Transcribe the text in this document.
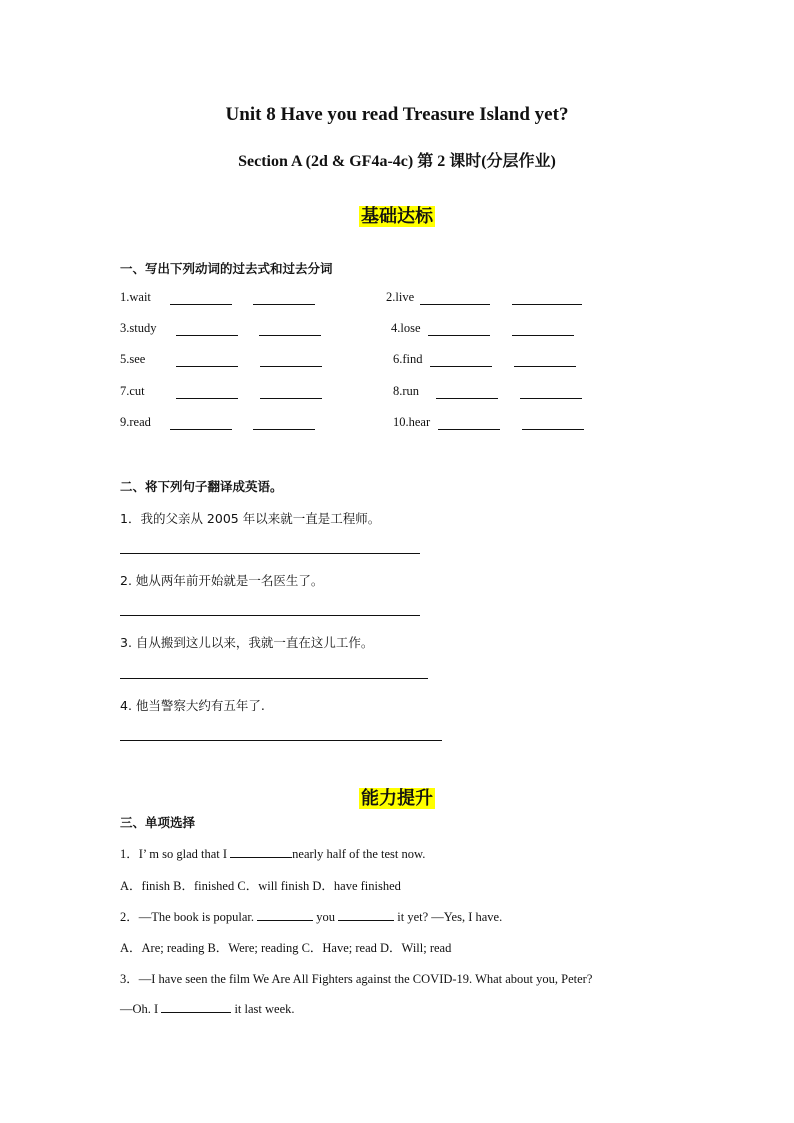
Unit 8 Have you read Treasure Island yet?
Section A (2d & GF4a-4c) 第 2 课时(分层作业)
基础达标
一、写出下列动词的过去式和过去分词
1.wait	2.live
3.study	4.lose
5.see	6.find
7.cut	8.run
9.read	10.hear
二、将下列句子翻译成英语。
1．我的父亲从 2005 年以来就一直是工程师。
2. 她从两年前开始就是一名医生了。
3. 自从搬到这儿以来，我就一直在这儿工作。
4. 他当警察大约有五年了.
能力提升
三、单项选择
1．I’ m so glad that I	nearly half of the test now.
A．finish B．finished C．will finish D．have finished
2．—The book is popular.	you	it yet? —Yes, I have.
A．Are; reading B．Were; reading C．Have; read D．Will; read
3．—I have seen the film We Are All Fighters against the COVID-19. What about you, Peter?
—Oh. I	it last week.
